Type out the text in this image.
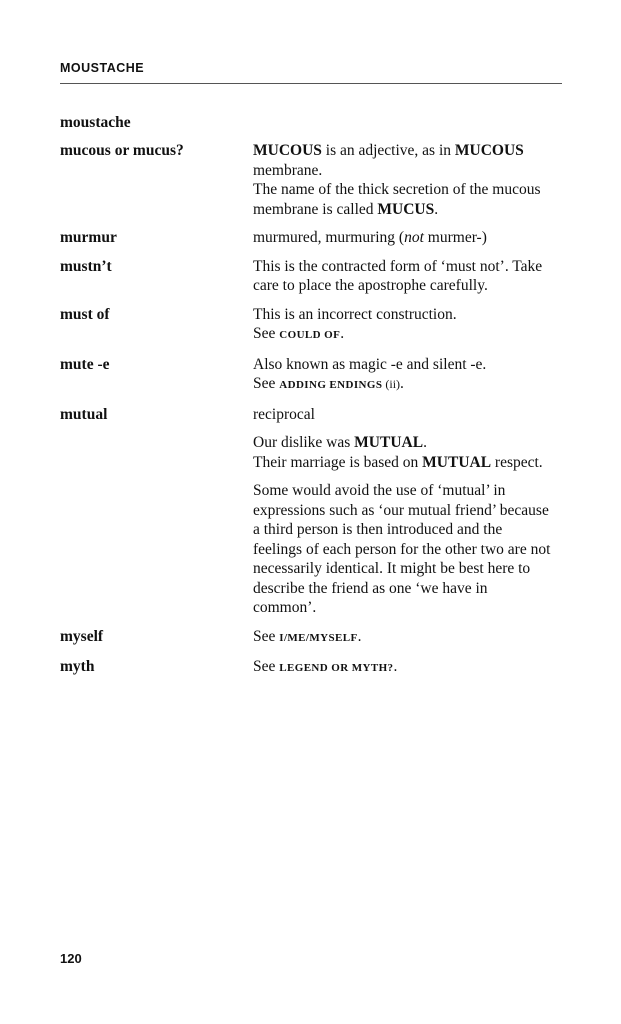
MOUSTACHE
moustache
mucous or mucus?	MUCOUS is an adjective, as in MUCOUS membrane.
The name of the thick secretion of the mucous membrane is called MUCUS.

murmur	murmured, murmuring (not murmer-)

mustn’t	This is the contracted form of ‘must not’. Take care to place the apostrophe carefully.

must of	This is an incorrect construction.
See COULD OF.

mute -e	Also known as magic -e and silent -e.
See ADDING ENDINGS (ii).

mutual	reciprocal

Our dislike was MUTUAL.
Their marriage is based on MUTUAL respect.

Some would avoid the use of ‘mutual’ in expressions such as ‘our mutual friend’ because a third person is then introduced and the feelings of each person for the other two are not necessarily identical. It might be best here to describe the friend as one ‘we have in common’.

myself	See I/ME/MYSELF.

myth	See LEGEND OR MYTH?.

120
